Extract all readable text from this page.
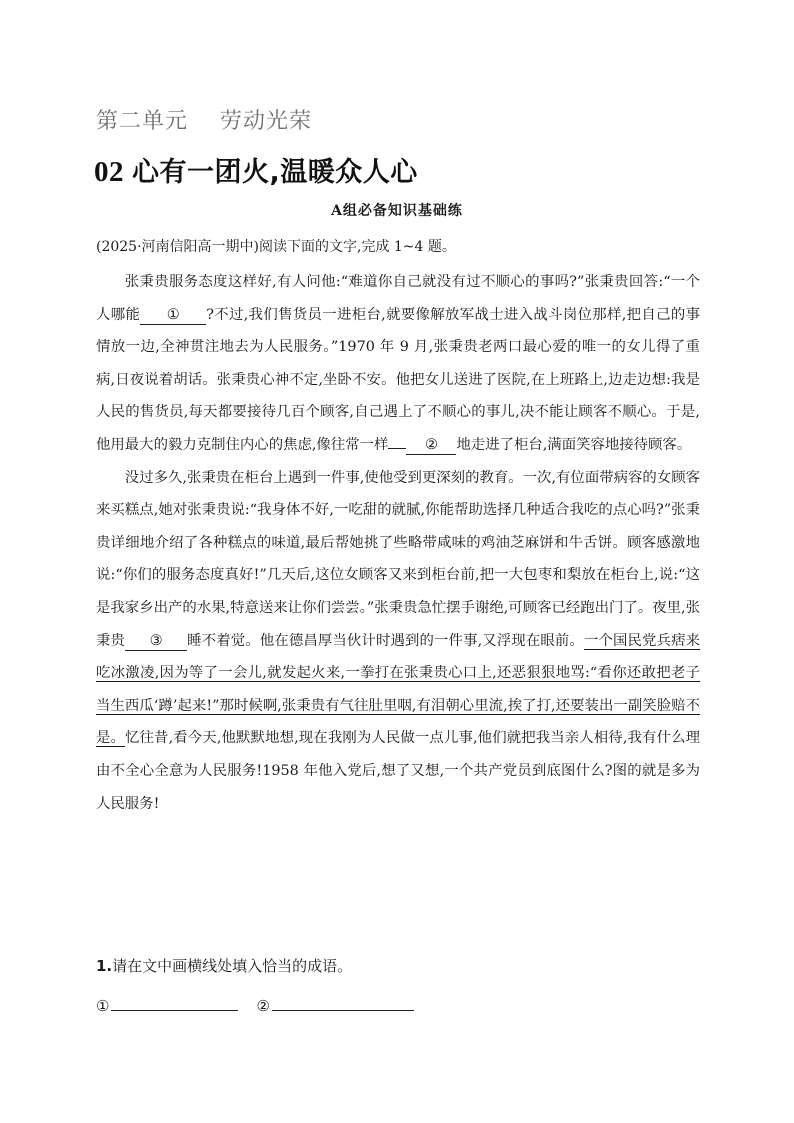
第二单元    劳动光荣
02 心有一团火,温暖众人心
A组必备知识基础练
(2025·河南信阳高一期中)阅读下面的文字,完成 1~4 题。

张秉贵服务态度这样好,有人问他:“难道你自己就没有过不顺心的事吗?”张秉贵回答:“一个人哪能 ① ?不过,我们售货员一进柜台,就要像解放军战士进入战斗岗位那样,把自己的事情放一边,全神贯注地去为人民服务。”1970 年 9 月,张秉贵老两口最心爱的唯一的女儿得了重病,日夜说着胡话。张秉贵心神不定,坐卧不安。他把女儿送进了医院,在上班路上,边走边想:我是人民的售货员,每天都要接待几百个顾客,自己遇上了不顺心的事儿,决不能让顾客不顺心。于是,他用最大的毅力克制住内心的焦虑,像往常一样	② 地走进了柜台,满面笑容地接待顾客。

没过多久,张秉贵在柜台上遇到一件事,使他受到更深刻的教育。一次,有位面带病容的女顾客来买糕点,她对张秉贵说:“我身体不好,一吃甜的就腻,你能帮助选择几种适合我吃的点心吗?”张秉贵详细地介绍了各种糕点的味道,最后帮她挑了些略带咸味的鸡油芝麻饼和牛舌饼。顾客感激地说:“你们的服务态度真好!”几天后,这位女顾客又来到柜台前,把一大包枣和梨放在柜台上,说:“这是我家乡出产的水果,特意送来让你们尝尝。”张秉贵急忙摆手谢绝,可顾客已经跑出门了。夜里,张秉贵 ③ 睡不着觉。他在德昌厚当伙计时遇到的一件事,又浮现在眼前。一个国民党兵痞来吃冰激凌,因为等了一会儿,就发起火来,一拳打在张秉贵心口上,还恶狠狠地骂:“看你还敢把老子当生西瓜‘蹲’起来!”那时候啊,张秉贵有气往肚里咽,有泪朝心里流,挨了打,还要装出一副笑脸赔不是。忆往昔,看今天,他默默地想,现在我刚为人民做一点儿事,他们就把我当亲人相待,我有什么理由不全心全意为人民服务!1958 年他入党后,想了又想,一个共产党员到底图什么?图的就是多为人民服务!

1.请在文中画横线处填入恰当的成语。
①	②
